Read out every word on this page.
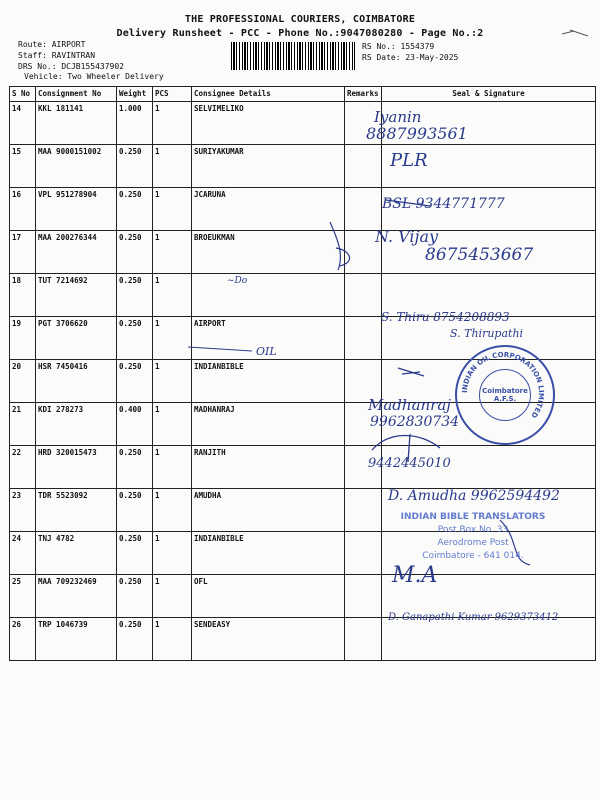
THE PROFESSIONAL COURIERS, COIMBATORE
Delivery Runsheet - PCC - Phone No.:9047080280 - Page No.:2
Route: AIRPORT
Staff: RAVINTRAN
DRS No.: DCJB155437902
Vehicle: Two Wheeler Delivery
RS No.: 1554379
RS Date: 23-May-2025
S No	Consignment No	Weight	PCS	Consignee Details	Remarks	Seal & Signature
14	KKL 181141	1.000	1	SELVIMELIKO		
15	MAA 9000151002	0.250	1	SURIYAKUMAR		
16	VPL 951278904	0.250	1	JCARUNA		
17	MAA 200276344	0.250	1	BROEUKMAN		
18	TUT 7214692	0.250	1			
19	PGT 3706620	0.250	1	AIRPORT		
20	HSR 7450416	0.250	1	INDIANBIBLE		
21	KDI 278273	0.400	1	MADHANRAJ		
22	HRD 320015473	0.250	1	RANJITH		
23	TDR 5523092	0.250	1	AMUDHA		
24	TNJ 4782	0.250	1	INDIANBIBLE		
25	MAA 709232469	0.250	1	OFL		
26	TRP 1046739	0.250	1	SENDEASY		
Iyanin
8887993561
PLR
BSL 9344771777
N. Vijay
8675453667
~Do
S. Thiru 8754208893
S. Thirupathi
OIL
Madhanraj
9962830734
9442445010
D. Amudha 9962594492
M.A
D. Ganapathi Kumar 9629373412
INDIAN OIL CORPORATION LIMITED
Coimbatore
A.F.S.
INDIAN BIBLE TRANSLATORS
Post Box No. 33
Aerodrome Post
Coimbatore - 641 014.
